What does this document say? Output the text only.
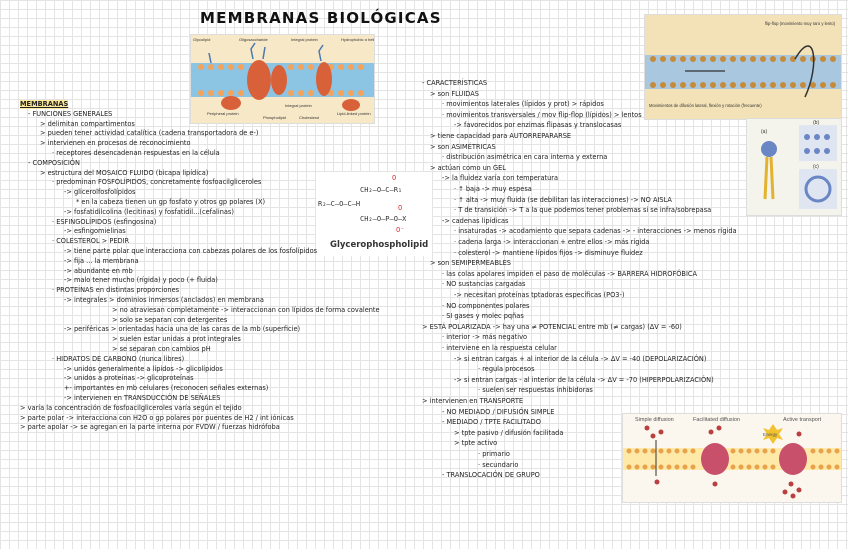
MEMBRANAS BIOLÓGICAS
Glycolipid	Oligosaccharide	Integral protein	Hydrophobic α helix
Peripheral protein
Phospholipid	Cholesterol
Integral protein
Lipid-linked protein
flip-flop (movimiento muy raro y lento)
Movimientos de difusión lateral, flexión y rotación (frecuente)
(a)
(b)
(c)
O
CH₂—O—C—R₁
R₂—C—O—C—H	O
CH₂—O—P—O—X
O⁻
Glycerophospholipid
MEMBRANAS
- FUNCIONES GENERALES
> delimitan compartimentos
> pueden tener actividad catalítica (cadena transportadora de e-)
> intervienen en procesos de reconocimiento
· receptores desencadenan respuestas en la célula
- COMPOSICIÓN
> estructura del MOSAICO FLUIDO (bicapa lipídica)
· predominan FOSFOLÍPIDOS, concretamente fosfoacilgliceroles
-> glicerolfosfolípidos
* en la cabeza tienen un gp fosfato y otros gp polares (X)
-> fosfatidilcolina (lecitinas) y fosfatidil...(cefalinas)
· ESFINGOLÍPIDOS (esfingosina)
-> esfingomielinas
· COLESTEROL > PEDIR
-> tiene parte polar que interacciona con cabezas polares de los fosfolípidos
-> fija ... la membrana
-> abundante en mb
-> malo tener mucho (rígida) y poco (+ fluida)
· PROTEÍNAS en distintas proporciones
-> integrales > dominios inmersos (anclados) en membrana
> no atraviesan completamente -> interaccionan con lípidos de forma covalente
> solo se separan con detergentes
-> periféricas > orientadas hacia una de las caras de la mb (superficie)
> suelen estar unidas a prot integrales
> se separan con cambios pH
· HIDRATOS DE CARBONO (nunca libres)
-> unidos generalmente a lípidos -> glicolípidos
-> unidos a proteínas -> glicoproteínas
+- importantes en mb celulares (reconocen señales externas)
-> intervienen en TRANSDUCCIÓN DE SEÑALES
> varía la concentración de fosfoacilgliceroles varía según el tejido
> parte polar -> interacciona con H2O o gp polares por puentes de H2 / int iónicas
> parte apolar -> se agregan en la parte interna por FVDW / fuerzas hidrófoba
- CARACTERÍSTICAS
> son FLUIDAS
· movimientos laterales (lípidos y prot) > rápidos
· movimientos transversales / mov flip-flop (lípidos) > lentos
-> favorecidos por enzimas flipasas y translocasas
> tiene capacidad para AUTORREPARARSE
> son ASIMÉTRICAS
· distribución asimétrica en cara interna y externa
> actúan como un GEL
-> la fluidez varía con temperatura
· ↑ baja -> muy espesa
· ↑ alta -> muy fluida (se debilitan las interacciones) -> NO AISLA
· T de transición -> T a la que podemos tener problemas si se infra/sobrepasa
-> cadenas lipídicas
· insaturadas -> acodamiento que separa cadenas -> - interacciones -> menos rígida
· cadena larga -> interaccionan + entre ellos -> más rígida
· colesterol -> mantiene lípidos fijos -> disminuye fluidez
> son SEMIPERMEABLES
· las colas apolares impiden el paso de moléculas -> BARRERA HIDROFÓBICA
· NO sustancias cargadas
-> necesitan proteínas tptadoras específicas (PO3-)
· NO componentes polares
· SI gases y molec pqñas
> ESTÁ POLARIZADA -> hay una ≠ POTENCIAL entre mb (≠ cargas) (ΔV = -60)
· interior -> más negativo
· interviene en la respuesta celular
-> si entran cargas + al interior de la célula -> ΔV = -40 (DEPOLARIZACIÓN)
· regula procesos
-> si entran cargas - al interior de la célula -> ΔV = -70 (HIPERPOLARIZACIÓN)
· suelen ser respuestas inhibidoras
> intervienen en TRANSPORTE
- NO MEDIADO / DIFUSIÓN SIMPLE
- MEDIADO / TPTE FACILITADO
> tpte pasivo / difusión facilitada
> tpte activo
· primario
· secundario
- TRANSLOCACIÓN DE GRUPO
Simple diffusion	Facilitated diffusion	Active transport
Energy
